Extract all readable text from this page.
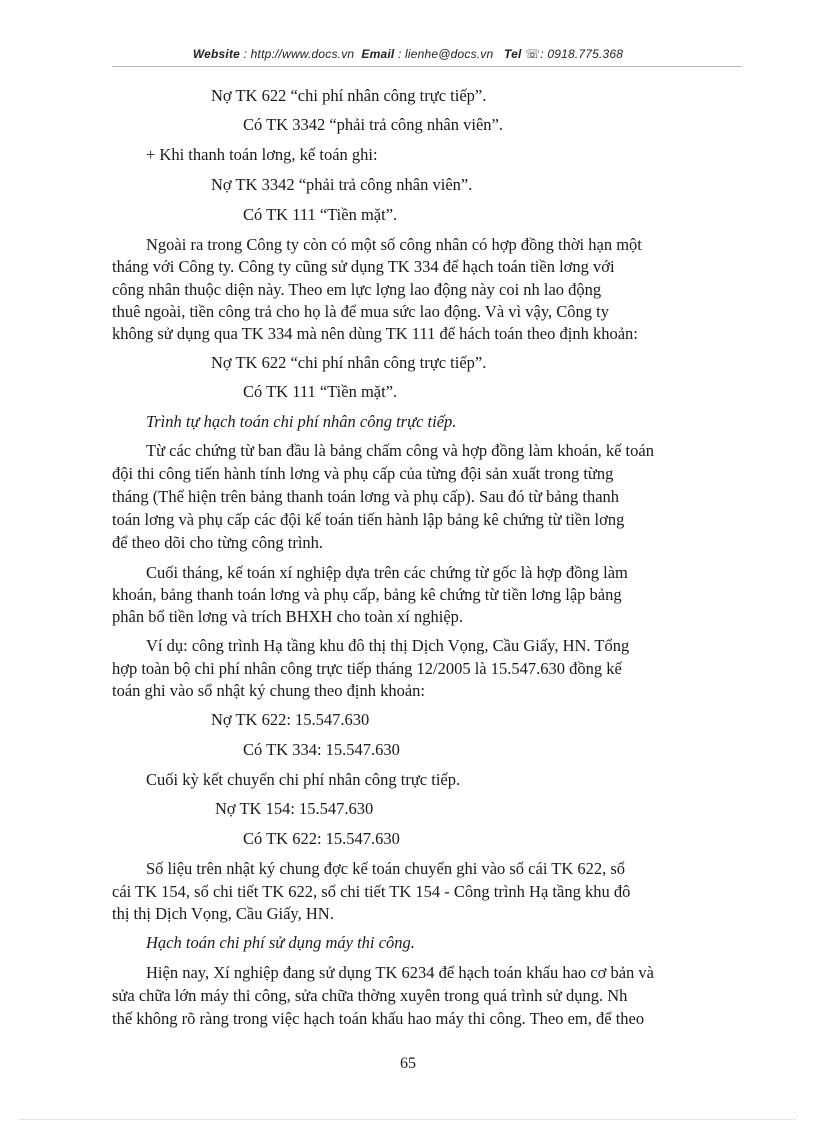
Website : http://www.docs.vn Email : lienhe@docs.vn Tel ☏: 0918.775.368
Nợ TK 622 “chi phí nhân công trực tiếp”.
Có TK 3342 “phải trả công nhân viên”.
+ Khi thanh toán lơng, kế toán ghi:
Nợ TK 3342 “phải trả công nhân viên”.
Có TK 111 “Tiền mặt”.
Ngoài ra trong Công ty còn có một số công nhân có hợp đồng thời hạn một
tháng với Công ty. Công ty cũng sử dụng TK 334 để hạch toán tiền lơng với
công nhân thuộc diện này. Theo em lực lợng lao động này coi nh lao động
thuê ngoài, tiền công trả cho họ là để mua sức lao động. Và vì vậy, Công ty
không sử dụng qua TK 334 mà nên dùng TK 111 để hách toán theo định khoản:
Nợ TK 622 “chi phí nhân công trực tiếp”.
Có TK 111 “Tiền mặt”.
Trình tự hạch toán chi phí nhân công trực tiếp.
Từ các chứng từ ban đầu là bảng chấm công và hợp đồng làm khoán, kế toán
đội thi công tiến hành tính lơng và phụ cấp của từng đội sản xuất trong từng
tháng (Thể hiện trên bảng thanh toán lơng và phụ cấp). Sau đó từ bảng thanh
toán lơng và phụ cấp các đội kế toán tiến hành lập bảng kê chứng từ tiền lơng
để theo dõi cho từng công trình.
Cuối tháng, kế toán xí nghiệp dựa trên các chứng từ gốc là hợp đồng làm
khoán, bảng thanh toán lơng và phụ cấp, bảng kê chứng từ tiền lơng lập bảng
phân bổ tiền lơng và trích BHXH cho toàn xí nghiệp.
Ví dụ: công trình Hạ tầng khu đô thị thị Dịch Vọng, Cầu Giấy, HN. Tổng
hợp toàn bộ chi phí nhân công trực tiếp tháng 12/2005 là 15.547.630 đồng kế
toán ghi vào sổ nhật ký chung theo định khoản:
Nợ TK 622: 15.547.630
Có TK 334: 15.547.630
Cuối kỳ kết chuyển chi phí nhân công trực tiếp.
Nợ TK 154: 15.547.630
Có TK 622: 15.547.630
Số liệu trên nhật ký chung đợc kế toán chuyển ghi vào sổ cái TK 622, sổ
cái TK 154, sổ chi tiết TK 622, sổ chi tiết TK 154 - Công trình Hạ tầng khu đô
thị thị Dịch Vọng, Cầu Giấy, HN.
Hạch toán chi phí sử dụng máy thi công.
Hiện nay, Xí nghiệp đang sử dụng TK 6234 để hạch toán khấu hao cơ bản và
sửa chữa lớn máy thi công, sửa chữa thờng xuyên trong quá trình sử dụng. Nh
thế không rõ ràng trong việc hạch toán khấu hao máy thi công. Theo em, để theo
65
